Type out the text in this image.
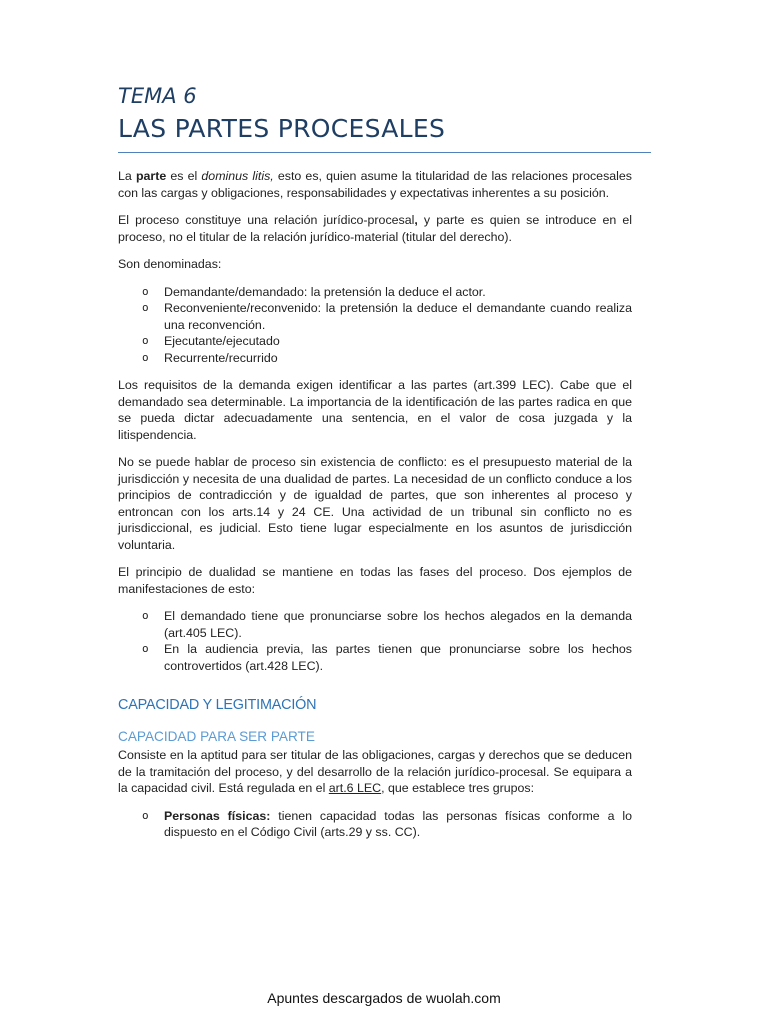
TEMA 6
LAS PARTES PROCESALES

La parte es el dominus litis, esto es, quien asume la titularidad de las relaciones procesales con las cargas y obligaciones, responsabilidades y expectativas inherentes a su posición.

El proceso constituye una relación jurídico-procesal, y parte es quien se introduce en el proceso, no el titular de la relación jurídico-material (titular del derecho).

Son denominadas:

o Demandante/demandado: la pretensión la deduce el actor.
o Reconveniente/reconvenido: la pretensión la deduce el demandante cuando realiza una reconvención.
o Ejecutante/ejecutado
o Recurrente/recurrido

Los requisitos de la demanda exigen identificar a las partes (art.399 LEC). Cabe que el demandado sea determinable. La importancia de la identificación de las partes radica en que se pueda dictar adecuadamente una sentencia, en el valor de cosa juzgada y la litispendencia.

No se puede hablar de proceso sin existencia de conflicto: es el presupuesto material de la jurisdicción y necesita de una dualidad de partes. La necesidad de un conflicto conduce a los principios de contradicción y de igualdad de partes, que son inherentes al proceso y entroncan con los arts.14 y 24 CE. Una actividad de un tribunal sin conflicto no es jurisdiccional, es judicial. Esto tiene lugar especialmente en los asuntos de jurisdicción voluntaria.

El principio de dualidad se mantiene en todas las fases del proceso. Dos ejemplos de manifestaciones de esto:

o El demandado tiene que pronunciarse sobre los hechos alegados en la demanda (art.405 LEC).
o En la audiencia previa, las partes tienen que pronunciarse sobre los hechos controvertidos (art.428 LEC).
CAPACIDAD Y LEGITIMACIÓN
CAPACIDAD PARA SER PARTE

Consiste en la aptitud para ser titular de las obligaciones, cargas y derechos que se deducen de la tramitación del proceso, y del desarrollo de la relación jurídico-procesal. Se equipara a la capacidad civil. Está regulada en el art.6 LEC, que establece tres grupos:

o Personas físicas: tienen capacidad todas las personas físicas conforme a lo dispuesto en el Código Civil (arts.29 y ss. CC).
Apuntes descargados de wuolah.com
